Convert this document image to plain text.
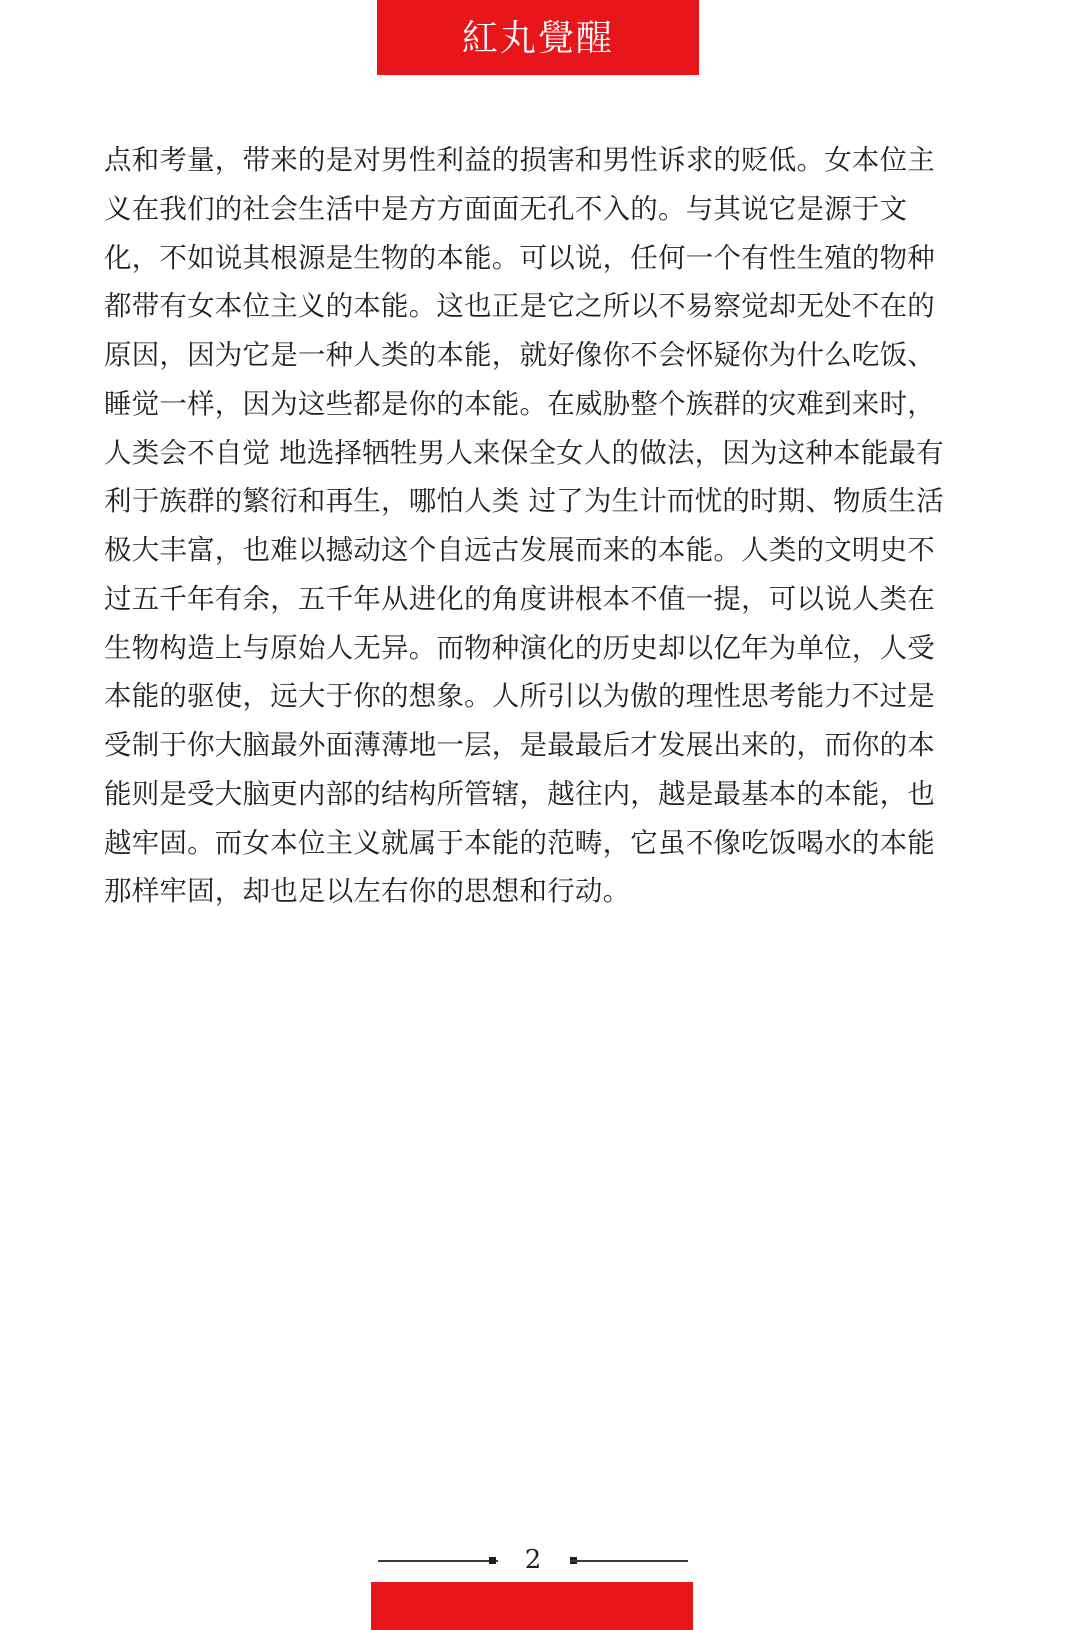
紅丸覺醒
点和考量，带来的是对男性利益的损害和男性诉求的贬低。女本位主
义在我们的社会生活中是方方面面无孔不入的。与其说它是源于文
化，不如说其根源是生物的本能。可以说，任何一个有性生殖的物种
都带有女本位主义的本能。这也正是它之所以不易察觉却无处不在的
原因，因为它是一种人类的本能，就好像你不会怀疑你为什么吃饭、
睡觉一样，因为这些都是你的本能。在威胁整个族群的灾难到来时，
人类会不自觉 地选择牺牲男人来保全女人的做法，因为这种本能最有
利于族群的繁衍和再生，哪怕人类 过了为生计而忧的时期、物质生活
极大丰富，也难以撼动这个自远古发展而来的本能。人类的文明史不
过五千年有余，五千年从进化的角度讲根本不值一提，可以说人类在
生物构造上与原始人无异。而物种演化的历史却以亿年为单位，人受
本能的驱使，远大于你的想象。人所引以为傲的理性思考能力不过是
受制于你大脑最外面薄薄地一层，是最最后才发展出来的，而你的本
能则是受大脑更内部的结构所管辖，越往内，越是最基本的本能，也
越牢固。而女本位主义就属于本能的范畴，它虽不像吃饭喝水的本能
那样牢固，却也足以左右你的思想和行动。
2
